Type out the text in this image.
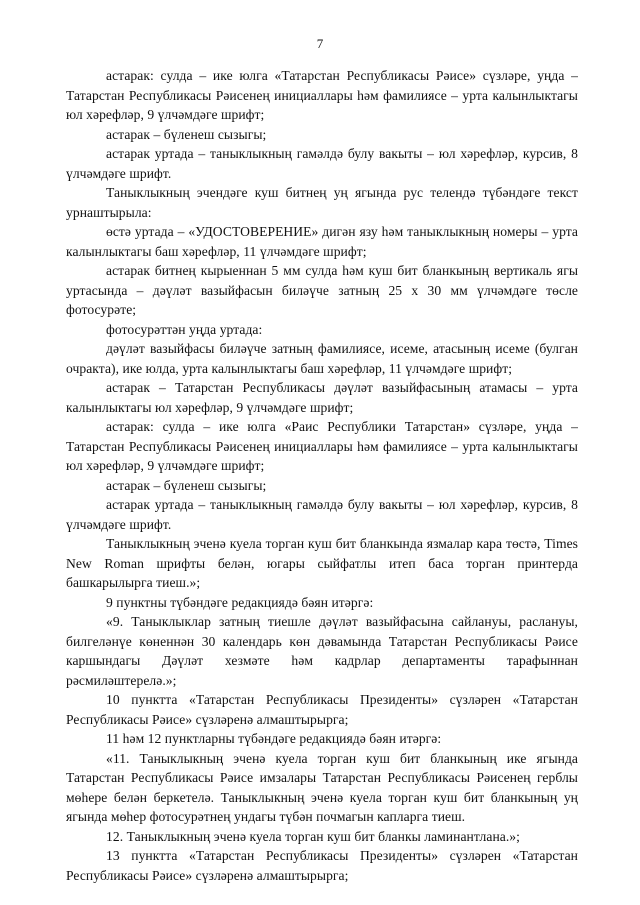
7

астарак: сулда – ике юлга «Татарстан Республикасы Рәисе» сүзләре, уңда – Татарстан Республикасы Рәисенең инициаллары һәм фамилиясе – урта калынлыктагы юл хәрефләр, 9 үлчәмдәге шрифт;

астарак – бүленеш сызыгы;

астарак уртада – таныклыкның гамәлдә булу вакыты – юл хәрефләр, курсив, 8 үлчәмдәге шрифт.

Таныклыкның эчендәге куш битнең уң ягында рус телендә түбәндәге текст урнаштырыла:

өстә уртада – «УДОСТОВЕРЕНИЕ» дигән язу һәм таныклыкның номеры – урта калынлыктагы баш хәрефләр, 11 үлчәмдәге шрифт;

астарак битнең кырыеннан 5 мм сулда һәм куш бит бланкының вертикаль ягы уртасында – дәүләт вазыйфасын биләүче затның 25 х 30 мм үлчәмдәге төсле фотосурәте;

фотосурәттән уңда уртада:

дәүләт вазыйфасы биләүче затның фамилиясе, исеме, атасының исеме (булган очракта), ике юлда, урта калынлыктагы баш хәрефләр, 11 үлчәмдәге шрифт;

астарак – Татарстан Республикасы дәүләт вазыйфасының атамасы – урта калынлыктагы юл хәрефләр, 9 үлчәмдәге шрифт;

астарак: сулда – ике юлга «Раис Республики Татарстан» сүзләре, уңда – Татарстан Республикасы Рәисенең инициаллары һәм фамилиясе – урта калынлыктагы юл хәрефләр, 9 үлчәмдәге шрифт;

астарак – бүленеш сызыгы;

астарак уртада – таныклыкның гамәлдә булу вакыты – юл хәрефләр, курсив, 8 үлчәмдәге шрифт.

Таныклыкның эченә куела торган куш бит бланкында язмалар кара төстә, Times New Roman шрифты белән, югары сыйфатлы итеп баса торган принтерда башкарылырга тиеш.»;

9 пунктны түбәндәге редакциядә бәян итәргә:

«9. Таныклыклар затның тиешле дәүләт вазыйфасына сайлануы, раслануы, билгеләнүе көненнән 30 календарь көн дәвамында Татарстан Республикасы Рәисе каршындагы Дәүләт хезмәте һәм кадрлар департаменты тарафыннан рәсмиләштерелә.»;

10 пунктта «Татарстан Республикасы Президенты» сүзләрен «Татарстан Республикасы Рәисе» сүзләренә алмаштырырга;

11 һәм 12 пунктларны түбәндәге редакциядә бәян итәргә:

«11. Таныклыкның эченә куела торган куш бит бланкының ике ягында Татарстан Республикасы Рәисе имзалары Татарстан Республикасы Рәисенең герблы мөһере белән беркетелә. Таныклыкның эченә куела торган куш бит бланкының уң ягында мөһер фотосурәтнең ундагы түбән почмагын капларга тиеш.

12. Таныклыкның эченә куела торган куш бит бланкы ламинантлана.»;

13 пунктта «Татарстан Республикасы Президенты» сүзләрен «Татарстан Республикасы Рәисе» сүзләренә алмаштырырга;
